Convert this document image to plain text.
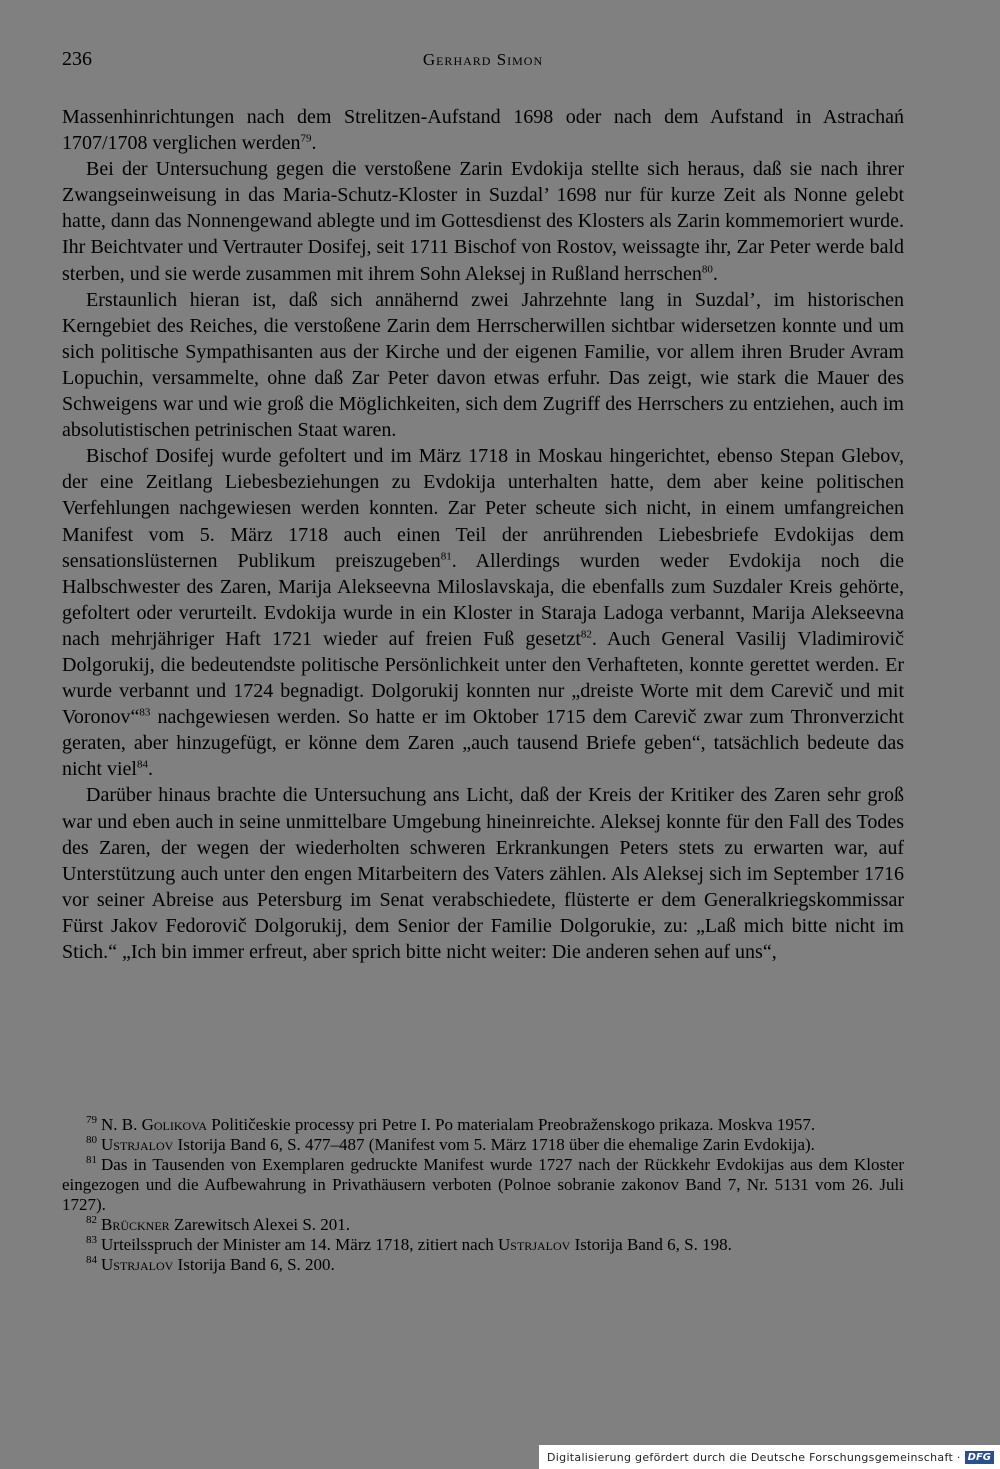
236	Gerhard Simon

Massenhinrichtungen nach dem Strelitzen-Aufstand 1698 oder nach dem Aufstand in Astrachań 1707/1708 verglichen werden$^{79}$.

Bei der Untersuchung gegen die verstoßene Zarin Evdokija stellte sich heraus, daß sie nach ihrer Zwangseinweisung in das Maria-Schutz-Kloster in Suzdal’ 1698 nur für kurze Zeit als Nonne gelebt hatte, dann das Nonnengewand ablegte und im Gottesdienst des Klosters als Zarin kommemoriert wurde. Ihr Beichtvater und Vertrauter Dosifej, seit 1711 Bischof von Rostov, weissagte ihr, Zar Peter werde bald sterben, und sie werde zusammen mit ihrem Sohn Aleksej in Rußland herrschen$^{80}$.

Erstaunlich hieran ist, daß sich annähernd zwei Jahrzehnte lang in Suzdal’, im historischen Kerngebiet des Reiches, die verstoßene Zarin dem Herrscherwillen sichtbar widersetzen konnte und um sich politische Sympathisanten aus der Kirche und der eigenen Familie, vor allem ihren Bruder Avram Lopuchin, versammelte, ohne daß Zar Peter davon etwas erfuhr. Das zeigt, wie stark die Mauer des Schweigens war und wie groß die Möglichkeiten, sich dem Zugriff des Herrschers zu entziehen, auch im absolutistischen petrinischen Staat waren.

Bischof Dosifej wurde gefoltert und im März 1718 in Moskau hingerichtet, ebenso Stepan Glebov, der eine Zeitlang Liebesbeziehungen zu Evdokija unterhalten hatte, dem aber keine politischen Verfehlungen nachgewiesen werden konnten. Zar Peter scheute sich nicht, in einem umfangreichen Manifest vom 5. März 1718 auch einen Teil der anrührenden Liebesbriefe Evdokijas dem sensationslüsternen Publikum preiszugeben$^{81}$. Allerdings wurden weder Evdokija noch die Halbschwester des Zaren, Marija Alekseevna Miloslavskaja, die ebenfalls zum Suzdaler Kreis gehörte, gefoltert oder verurteilt. Evdokija wurde in ein Kloster in Staraja Ladoga verbannt, Marija Alekseevna nach mehrjähriger Haft 1721 wieder auf freien Fuß gesetzt$^{82}$. Auch General Vasilij Vladimirovič Dolgorukij, die bedeutendste politische Persönlichkeit unter den Verhafteten, konnte gerettet werden. Er wurde verbannt und 1724 begnadigt. Dolgorukij konnten nur „dreiste Worte mit dem Carevič und mit Voronov“$^{83}$ nachgewiesen werden. So hatte er im Oktober 1715 dem Carevič zwar zum Thronverzicht geraten, aber hinzugefügt, er könne dem Zaren „auch tausend Briefe geben“, tatsächlich bedeute das nicht viel$^{84}$.

Darüber hinaus brachte die Untersuchung ans Licht, daß der Kreis der Kritiker des Zaren sehr groß war und eben auch in seine unmittelbare Umgebung hineinreichte. Aleksej konnte für den Fall des Todes des Zaren, der wegen der wiederholten schweren Erkrankungen Peters stets zu erwarten war, auf Unterstützung auch unter den engen Mitarbeitern des Vaters zählen. Als Aleksej sich im September 1716 vor seiner Abreise aus Petersburg im Senat verabschiedete, flüsterte er dem Generalkriegskommissar Fürst Jakov Fedorovič Dolgorukij, dem Senior der Familie Dolgorukie, zu: „Laß mich bitte nicht im Stich.“ „Ich bin immer erfreut, aber sprich bitte nicht weiter: Die anderen sehen auf uns“,

$^{79}$ N. B. Golikova Političeskie processy pri Petre I. Po materialam Preobraženskogo prikaza. Moskva 1957.

$^{80}$ Ustrjalov Istorija Band 6, S. 477–487 (Manifest vom 5. März 1718 über die ehemalige Zarin Evdokija).

$^{81}$ Das in Tausenden von Exemplaren gedruckte Manifest wurde 1727 nach der Rückkehr Evdokijas aus dem Kloster eingezogen und die Aufbewahrung in Privathäusern verboten (Polnoe sobranie zakonov Band 7, Nr. 5131 vom 26. Juli 1727).

$^{82}$ Brückner Zarewitsch Alexei S. 201.

$^{83}$ Urteilsspruch der Minister am 14. März 1718, zitiert nach Ustrjalov Istorija Band 6, S. 198.

$^{84}$ Ustrjalov Istorija Band 6, S. 200.

Digitalisierung gefördert durch die Deutsche Forschungsgemeinschaft · DFG
